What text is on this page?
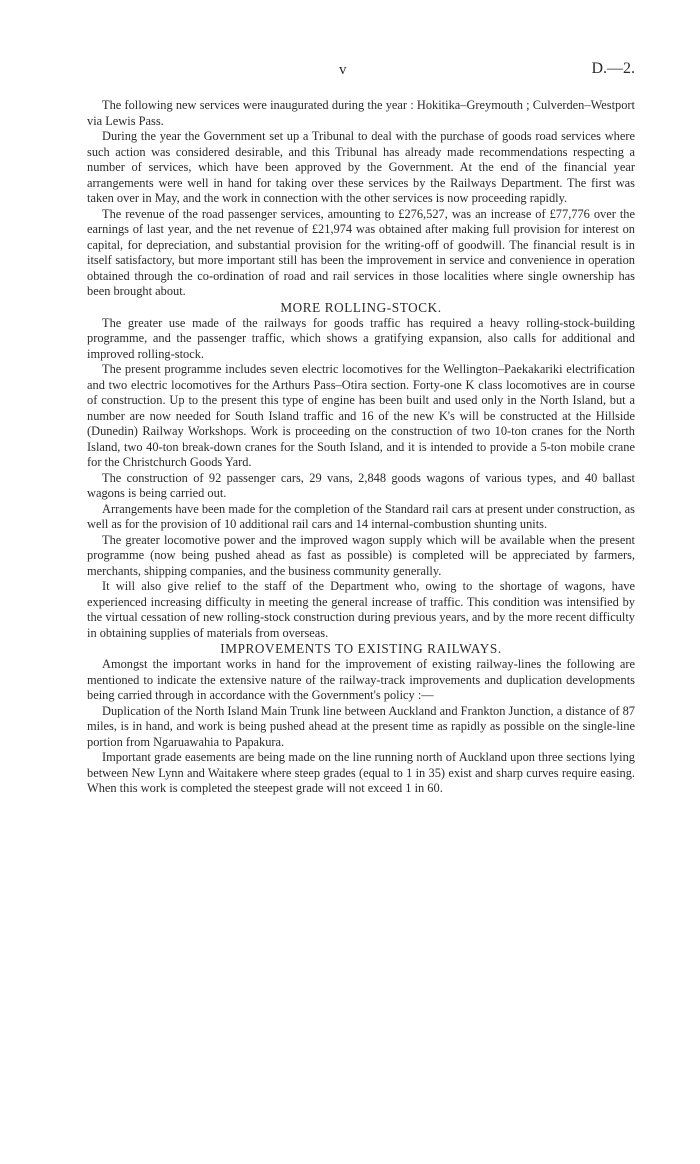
v	D.—2.

The following new services were inaugurated during the year : Hokitika–Greymouth ; Culverden–Westport via Lewis Pass.

During the year the Government set up a Tribunal to deal with the purchase of goods road services where such action was considered desirable, and this Tribunal has already made recommendations respecting a number of services, which have been approved by the Government. At the end of the financial year arrangements were well in hand for taking over these services by the Railways Department. The first was taken over in May, and the work in connection with the other services is now proceeding rapidly.

The revenue of the road passenger services, amounting to £276,527, was an increase of £77,776 over the earnings of last year, and the net revenue of £21,974 was obtained after making full provision for interest on capital, for depreciation, and substantial provision for the writing-off of goodwill. The financial result is in itself satisfactory, but more important still has been the improvement in service and convenience in operation obtained through the co-ordination of road and rail services in those localities where single ownership has been brought about.

MORE ROLLING-STOCK.

The greater use made of the railways for goods traffic has required a heavy rolling-stock-building programme, and the passenger traffic, which shows a gratifying expansion, also calls for additional and improved rolling-stock.

The present programme includes seven electric locomotives for the Wellington–Paekakariki electrification and two electric locomotives for the Arthurs Pass–Otira section. Forty-one K class locomotives are in course of construction. Up to the present this type of engine has been built and used only in the North Island, but a number are now needed for South Island traffic and 16 of the new K's will be constructed at the Hillside (Dunedin) Railway Workshops. Work is proceeding on the construction of two 10-ton cranes for the North Island, two 40-ton break-down cranes for the South Island, and it is intended to provide a 5-ton mobile crane for the Christchurch Goods Yard.

The construction of 92 passenger cars, 29 vans, 2,848 goods wagons of various types, and 40 ballast wagons is being carried out.

Arrangements have been made for the completion of the Standard rail cars at present under construction, as well as for the provision of 10 additional rail cars and 14 internal-combustion shunting units.

The greater locomotive power and the improved wagon supply which will be available when the present programme (now being pushed ahead as fast as possible) is completed will be appreciated by farmers, merchants, shipping companies, and the business community generally.

It will also give relief to the staff of the Department who, owing to the shortage of wagons, have experienced increasing difficulty in meeting the general increase of traffic. This condition was intensified by the virtual cessation of new rolling-stock construction during previous years, and by the more recent difficulty in obtaining supplies of materials from overseas.

IMPROVEMENTS TO EXISTING RAILWAYS.

Amongst the important works in hand for the improvement of existing railway-lines the following are mentioned to indicate the extensive nature of the railway-track improvements and duplication developments being carried through in accordance with the Government's policy :—

Duplication of the North Island Main Trunk line between Auckland and Frankton Junction, a distance of 87 miles, is in hand, and work is being pushed ahead at the present time as rapidly as possible on the single-line portion from Ngaruawahia to Papakura.

Important grade easements are being made on the line running north of Auckland upon three sections lying between New Lynn and Waitakere where steep grades (equal to 1 in 35) exist and sharp curves require easing. When this work is completed the steepest grade will not exceed 1 in 60.
